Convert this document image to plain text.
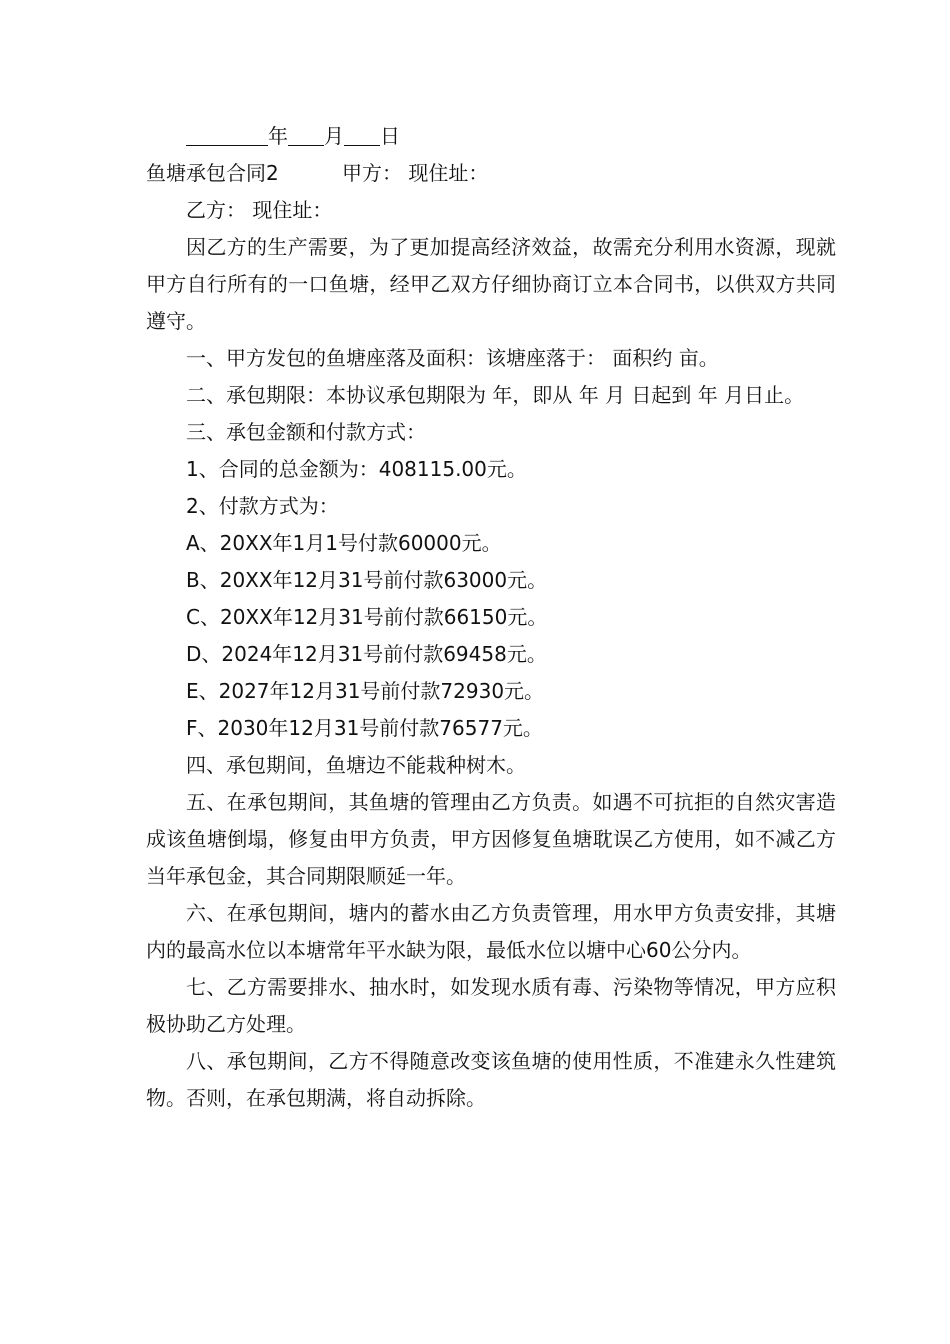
年 月 日

鱼塘承包合同2	甲方： 现住址：

乙方： 现住址：

因乙方的生产需要，为了更加提高经济效益，故需充分利用水资源，现就甲方自行所有的一口鱼塘，经甲乙双方仔细协商订立本合同书，以供双方共同遵守。

一、甲方发包的鱼塘座落及面积：该塘座落于： 面积约 亩。

二、承包期限：本协议承包期限为 年，即从 年 月 日起到 年 月日止。

三、承包金额和付款方式：

1、合同的总金额为：408115.00元。

2、付款方式为：

A、20XX年1月1号付款60000元。

B、20XX年12月31号前付款63000元。

C、20XX年12月31号前付款66150元。

D、2024年12月31号前付款69458元。

E、2027年12月31号前付款72930元。

F、2030年12月31号前付款76577元。

四、承包期间，鱼塘边不能栽种树木。

五、在承包期间，其鱼塘的管理由乙方负责。如遇不可抗拒的自然灾害造成该鱼塘倒塌，修复由甲方负责，甲方因修复鱼塘耽误乙方使用，如不减乙方当年承包金，其合同期限顺延一年。

六、在承包期间，塘内的蓄水由乙方负责管理，用水甲方负责安排，其塘内的最高水位以本塘常年平水缺为限，最低水位以塘中心60公分内。

七、乙方需要排水、抽水时，如发现水质有毒、污染物等情况，甲方应积极协助乙方处理。

八、承包期间，乙方不得随意改变该鱼塘的使用性质，不准建永久性建筑物。否则，在承包期满，将自动拆除。
